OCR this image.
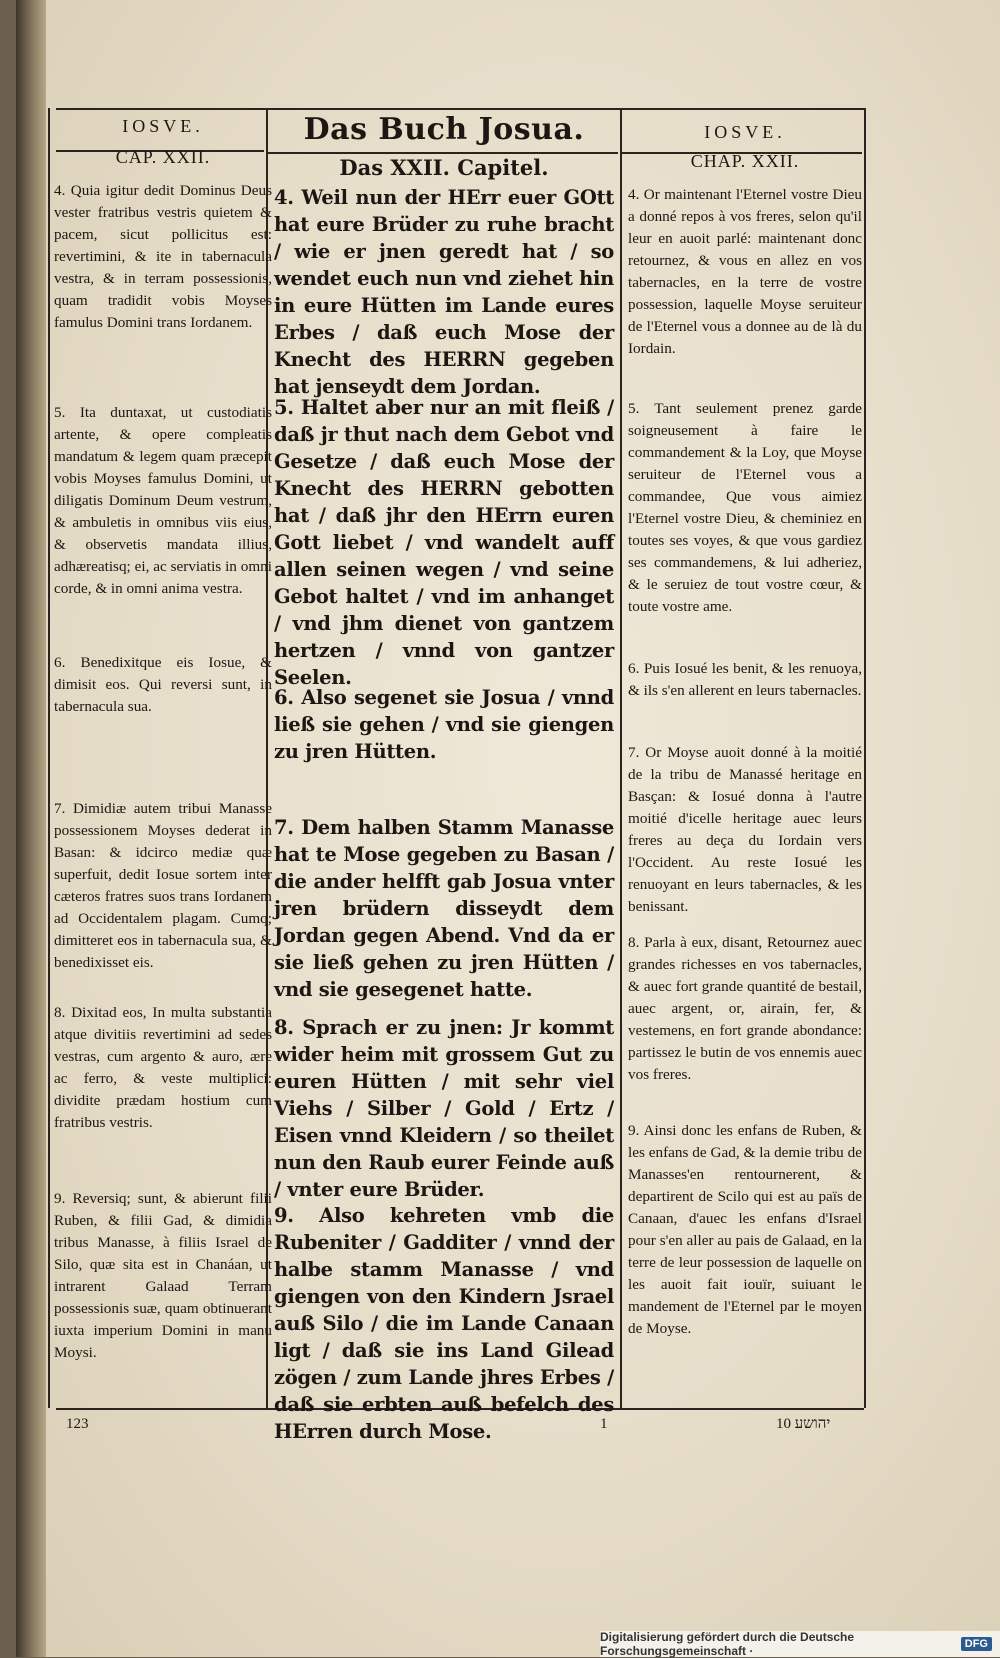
IOSVE.
CAP. XXII.
4. Quia igitur dedit Dominus Deus vester fratribus vestris quietem & pacem, sicut pollicitus est: revertimini, & ite in tabernacula vestra, & in terram possessionis, quam tradidit vobis Moyses famulus Domini trans Iordanem.
5. Ita duntaxat, ut custodiatis artente, & opere compleatis mandatum & legem quam præcepit vobis Moyses famulus Domini, ut diligatis Dominum Deum vestrum, & ambuletis in omnibus viis eius, & observetis mandata illius, adhæreatisq; ei, ac serviatis in omni corde, & in omni anima vestra.
6. Benedixitque eis Iosue, & dimisit eos. Qui reversi sunt, in tabernacula sua.
7. Dimidiæ autem tribui Manasse possessionem Moyses dederat in Basan: & idcirco mediæ quæ superfuit, dedit Iosue sortem inter cæteros fratres suos trans Iordanem ad Occidentalem plagam. Cumq; dimitteret eos in tabernacula sua, & benedixisset eis.
8. Dixitad eos, In multa substantia atque divitiis revertimini ad sedes vestras, cum argento & auro, ære ac ferro, & veste multiplici: dividite prædam hostium cum fratribus vestris.
9. Reversiq; sunt, & abierunt filii Ruben, & filii Gad, & dimidia tribus Manasse, à filiis Israel de Silo, quæ sita est in Chanáan, ut intrarent Galaad Terram possessionis suæ, quam obtinuerant iuxta imperium Domini in manu Moysi.
Das Buch Josua.
Das XXII. Capitel.
4. Weil nun der HErr euer GOtt hat eure Brüder zu ruhe bracht / wie er jnen geredt hat / so wendet euch nun vnd ziehet hin in eure Hütten im Lande eures Erbes / daß euch Mose der Knecht des HERRN gegeben hat jenseydt dem Jordan.
5. Haltet aber nur an mit fleiß / daß jr thut nach dem Gebot vnd Gesetze / daß euch Mose der Knecht des HERRN gebotten hat / daß jhr den HErrn euren Gott liebet / vnd wandelt auff allen seinen wegen / vnd seine Gebot haltet / vnd im anhanget / vnd jhm dienet von gantzem hertzen / vnnd von gantzer Seelen.
6. Also segenet sie Josua / vnnd ließ sie gehen / vnd sie giengen zu jren Hütten.
7. Dem halben Stamm Manasse hat te Mose gegeben zu Basan / die ander helfft gab Josua vnter jren brüdern disseydt dem Jordan gegen Abend. Vnd da er sie ließ gehen zu jren Hütten / vnd sie gesegenet hatte.
8. Sprach er zu jnen: Jr kommt wider heim mit grossem Gut zu euren Hütten / mit sehr viel Viehs / Silber / Gold / Ertz / Eisen vnnd Kleidern / so theilet nun den Raub eurer Feinde auß / vnter eure Brüder.
9. Also kehreten vmb die Rubeniter / Gadditer / vnnd der halbe stamm Manasse / vnd giengen von den Kindern Jsrael auß Silo / die im Lande Canaan ligt / daß sie ins Land Gilead zögen / zum Lande jhres Erbes / daß sie erbten auß befelch des HErren durch Mose.
IOSVE.
CHAP. XXII.
4. Or maintenant l'Eternel vostre Dieu a donné repos à vos freres, selon qu'il leur en auoit parlé: maintenant donc retournez, & vous en allez en vos tabernacles, en la terre de vostre possession, laquelle Moyse seruiteur de l'Eternel vous a donnee au de là du Iordain.
5. Tant seulement prenez garde soigneusement à faire le commandement & la Loy, que Moyse seruiteur de l'Eternel vous a commandee, Que vous aimiez l'Eternel vostre Dieu, & cheminiez en toutes ses voyes, & que vous gardiez ses commandemens, & lui adheriez, & le seruiez de tout vostre cœur, & toute vostre ame.
6. Puis Iosué les benit, & les renuoya, & ils s'en allerent en leurs tabernacles.
7. Or Moyse auoit donné à la moitié de la tribu de Manassé heritage en Basçan: & Iosué donna à l'autre moitié d'icelle heritage auec leurs freres au deça du Iordain vers l'Occident. Au reste Iosué les renuoyant en leurs tabernacles, & les benissant.
8. Parla à eux, disant, Retournez auec grandes richesses en vos tabernacles, & auec fort grande quantité de bestail, auec argent, or, airain, fer, & vestemens, en fort grande abondance: partissez le butin de vos ennemis auec vos freres.
9. Ainsi donc les enfans de Ruben, & les enfans de Gad, & la demie tribu de Manasses'en rentournerent, & departirent de Scilo qui est au païs de Canaan, d'auec les enfans d'Israel pour s'en aller au pais de Galaad, en la terre de leur possession de laquelle on les auoit fait iouïr, suiuant le mandement de l'Eternel par le moyen de Moyse.
123	1	יהושע 10
Digitalisierung gefördert durch die Deutsche Forschungsgemeinschaft ·	DFG
